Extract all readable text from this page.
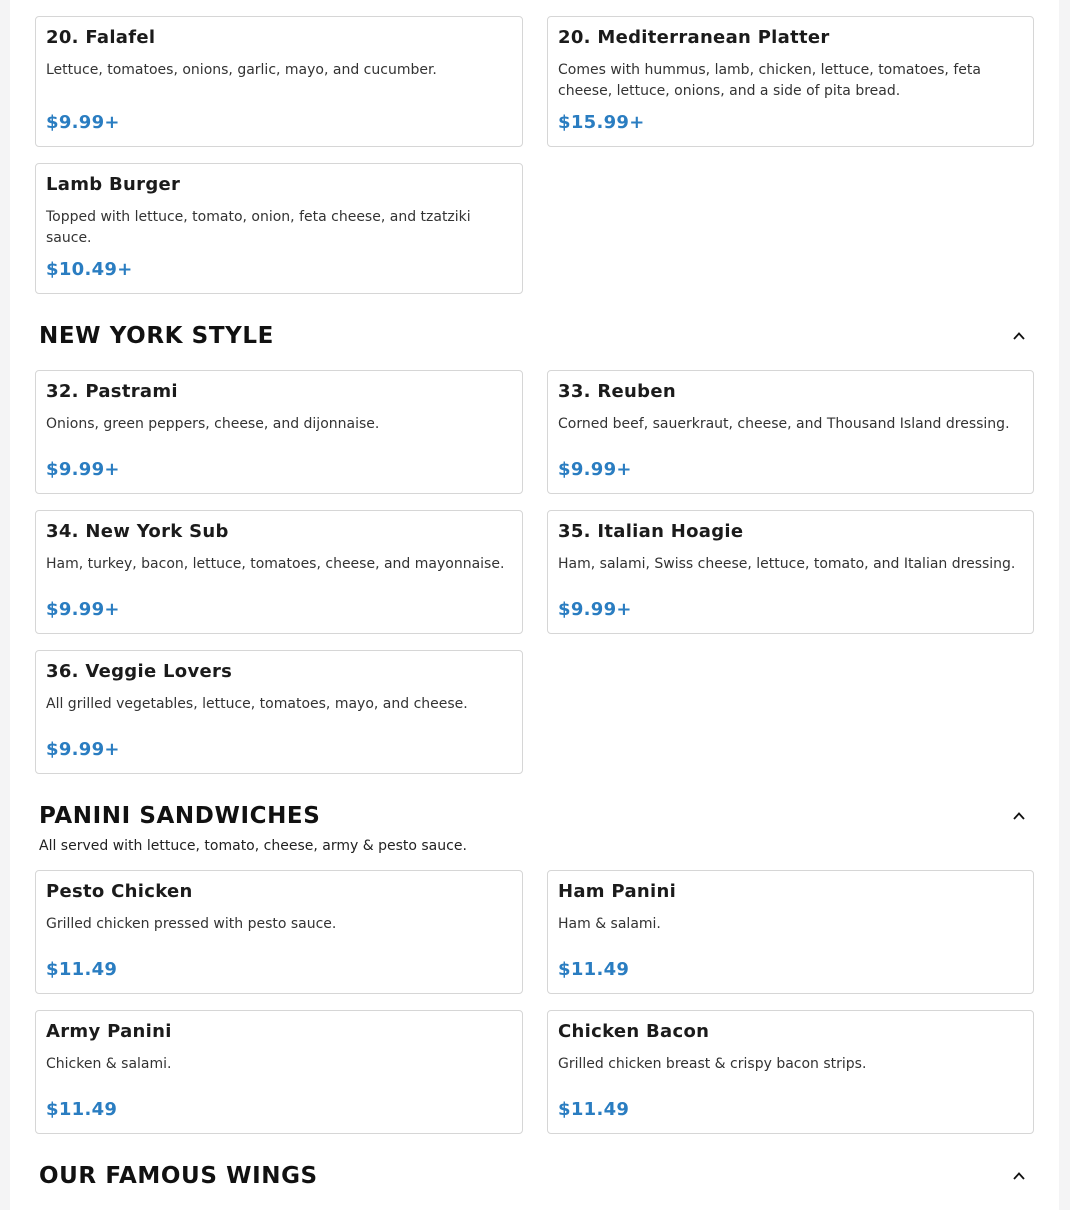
20. Falafel

Lettuce, tomatoes, onions, garlic, mayo, and cucumber.

$9.99+
20. Mediterranean Platter

Comes with hummus, lamb, chicken, lettuce, tomatoes, feta cheese, lettuce, onions, and a side of pita bread.

$15.99+
Lamb Burger

Topped with lettuce, tomato, onion, feta cheese, and tzatziki sauce.

$10.49+
NEW YORK STYLE
32. Pastrami

Onions, green peppers, cheese, and dijonnaise.

$9.99+
33. Reuben

Corned beef, sauerkraut, cheese, and Thousand Island dressing.

$9.99+
34. New York Sub

Ham, turkey, bacon, lettuce, tomatoes, cheese, and mayonnaise.

$9.99+
35. Italian Hoagie

Ham, salami, Swiss cheese, lettuce, tomato, and Italian dressing.

$9.99+
36. Veggie Lovers

All grilled vegetables, lettuce, tomatoes, mayo, and cheese.

$9.99+
PANINI SANDWICHES
All served with lettuce, tomato, cheese, army & pesto sauce.
Pesto Chicken

Grilled chicken pressed with pesto sauce.

$11.49
Ham Panini

Ham & salami.

$11.49
Army Panini

Chicken & salami.

$11.49
Chicken Bacon

Grilled chicken breast & crispy bacon strips.

$11.49
OUR FAMOUS WINGS
